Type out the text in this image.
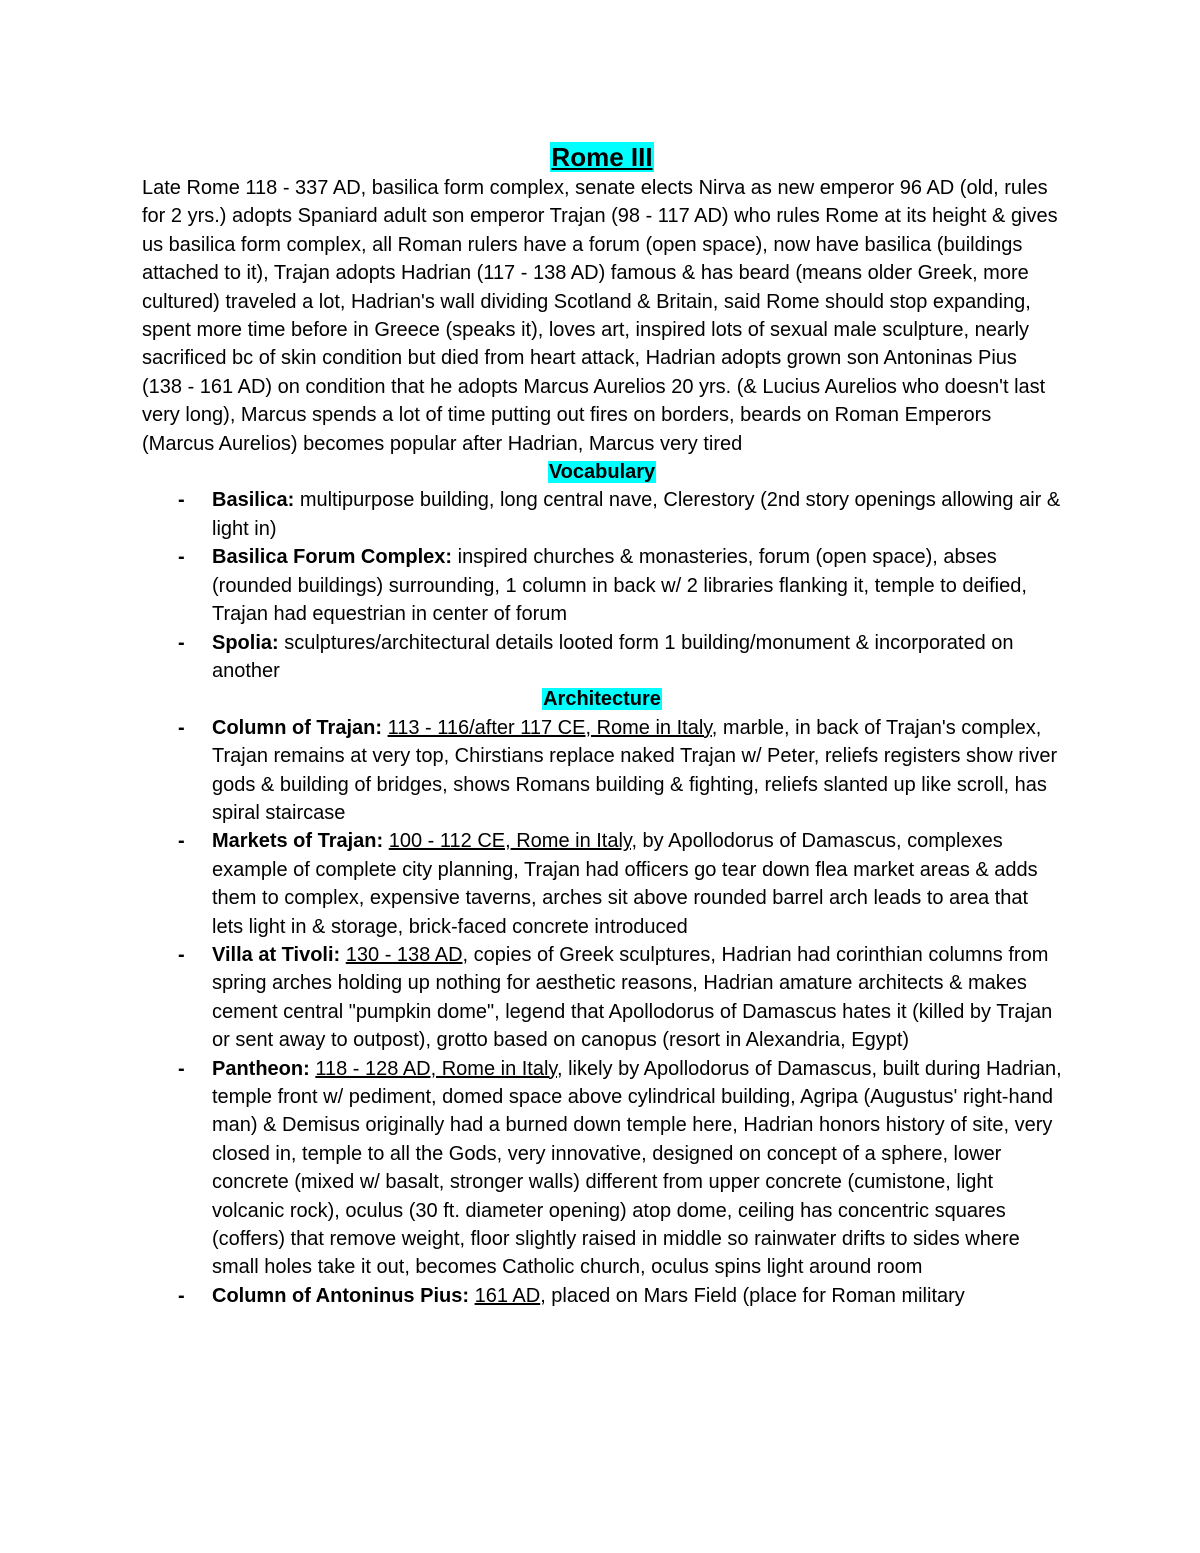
Rome III

Late Rome 118 - 337 AD, basilica form complex, senate elects Nirva as new emperor 96 AD (old, rules for 2 yrs.) adopts Spaniard adult son emperor Trajan (98 - 117 AD) who rules Rome at its height & gives us basilica form complex, all Roman rulers have a forum (open space), now have basilica (buildings attached to it), Trajan adopts Hadrian (117 - 138 AD) famous & has beard (means older Greek, more cultured) traveled a lot, Hadrian's wall dividing Scotland & Britain, said Rome should stop expanding, spent more time before in Greece (speaks it), loves art, inspired lots of sexual male sculpture, nearly sacrificed bc of skin condition but died from heart attack, Hadrian adopts grown son Antoninas Pius (138 - 161 AD) on condition that he adopts Marcus Aurelios 20 yrs. (& Lucius Aurelios who doesn't last very long), Marcus spends a lot of time putting out fires on borders, beards on Roman Emperors (Marcus Aurelios) becomes popular after Hadrian, Marcus very tired

Vocabulary
- Basilica: multipurpose building, long central nave, Clerestory (2nd story openings allowing air & light in)
- Basilica Forum Complex: inspired churches & monasteries, forum (open space), abses (rounded buildings) surrounding, 1 column in back w/ 2 libraries flanking it, temple to deified, Trajan had equestrian in center of forum
- Spolia: sculptures/architectural details looted form 1 building/monument & incorporated on another
Architecture
- Column of Trajan: 113 - 116/after 117 CE, Rome in Italy, marble, in back of Trajan's complex, Trajan remains at very top, Chirstians replace naked Trajan w/ Peter, reliefs registers show river gods & building of bridges, shows Romans building & fighting, reliefs slanted up like scroll, has spiral staircase
- Markets of Trajan: 100 - 112 CE, Rome in Italy, by Apollodorus of Damascus, complexes example of complete city planning, Trajan had officers go tear down flea market areas & adds them to complex, expensive taverns, arches sit above rounded barrel arch leads to area that lets light in & storage, brick-faced concrete introduced
- Villa at Tivoli: 130 - 138 AD, copies of Greek sculptures, Hadrian had corinthian columns from spring arches holding up nothing for aesthetic reasons, Hadrian amature architects & makes cement central "pumpkin dome", legend that Apollodorus of Damascus hates it (killed by Trajan or sent away to outpost), grotto based on canopus (resort in Alexandria, Egypt)
- Pantheon: 118 - 128 AD, Rome in Italy, likely by Apollodorus of Damascus, built during Hadrian, temple front w/ pediment, domed space above cylindrical building, Agripa (Augustus' right-hand man) & Demisus originally had a burned down temple here, Hadrian honors history of site, very closed in, temple to all the Gods, very innovative, designed on concept of a sphere, lower concrete (mixed w/ basalt, stronger walls) different from upper concrete (cumistone, light volcanic rock), oculus (30 ft. diameter opening) atop dome, ceiling has concentric squares (coffers) that remove weight, floor slightly raised in middle so rainwater drifts to sides where small holes take it out, becomes Catholic church, oculus spins light around room
- Column of Antoninus Pius: 161 AD, placed on Mars Field (place for Roman military
